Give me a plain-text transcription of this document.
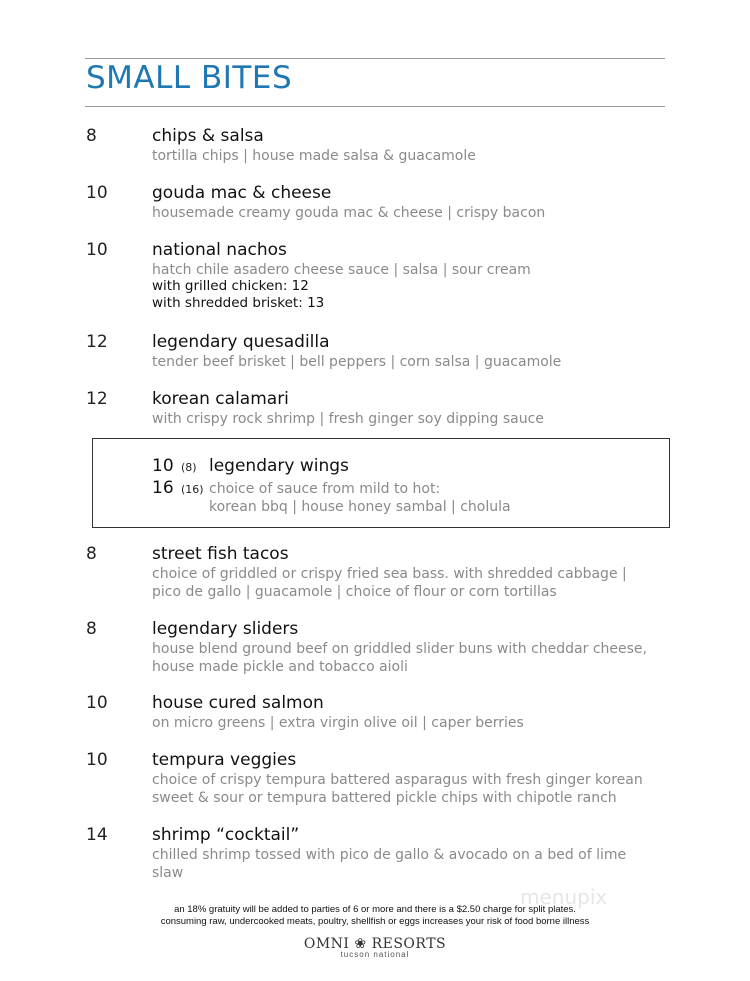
SMALL BITES
8	chips & salsa
tortilla chips | house made salsa & guacamole
10	gouda mac & cheese
housemade creamy gouda mac & cheese | crispy bacon
10	national nachos
hatch chile asadero cheese sauce | salsa | sour cream
with grilled chicken: 12
with shredded brisket: 13
12	legendary quesadilla
tender beef brisket | bell peppers | corn salsa | guacamole
12	korean calamari
with crispy rock shrimp | fresh ginger soy dipping sauce
10 (8) legendary wings
16 (16) choice of sauce from mild to hot:
korean bbq | house honey sambal | cholula
8	street fish tacos
choice of griddled or crispy fried sea bass. with shredded cabbage |
pico de gallo | guacamole | choice of flour or corn tortillas
8	legendary sliders
house blend ground beef on griddled slider buns with cheddar cheese,
house made pickle and tobacco aioli
10	house cured salmon
on micro greens | extra virgin olive oil | caper berries
10	tempura veggies
choice of crispy tempura battered asparagus with fresh ginger korean
sweet & sour or tempura battered pickle chips with chipotle ranch
14	shrimp “cocktail”
chilled shrimp tossed with pico de gallo & avocado on a bed of lime
slaw
menupix
an 18% gratuity will be added to parties of 6 or more and there is a $2.50 charge for split plates.
consuming raw, undercooked meats, poultry, shellfish or eggs increases your risk of food borne illness
OMNI ❀ RESORTS
tucson national
